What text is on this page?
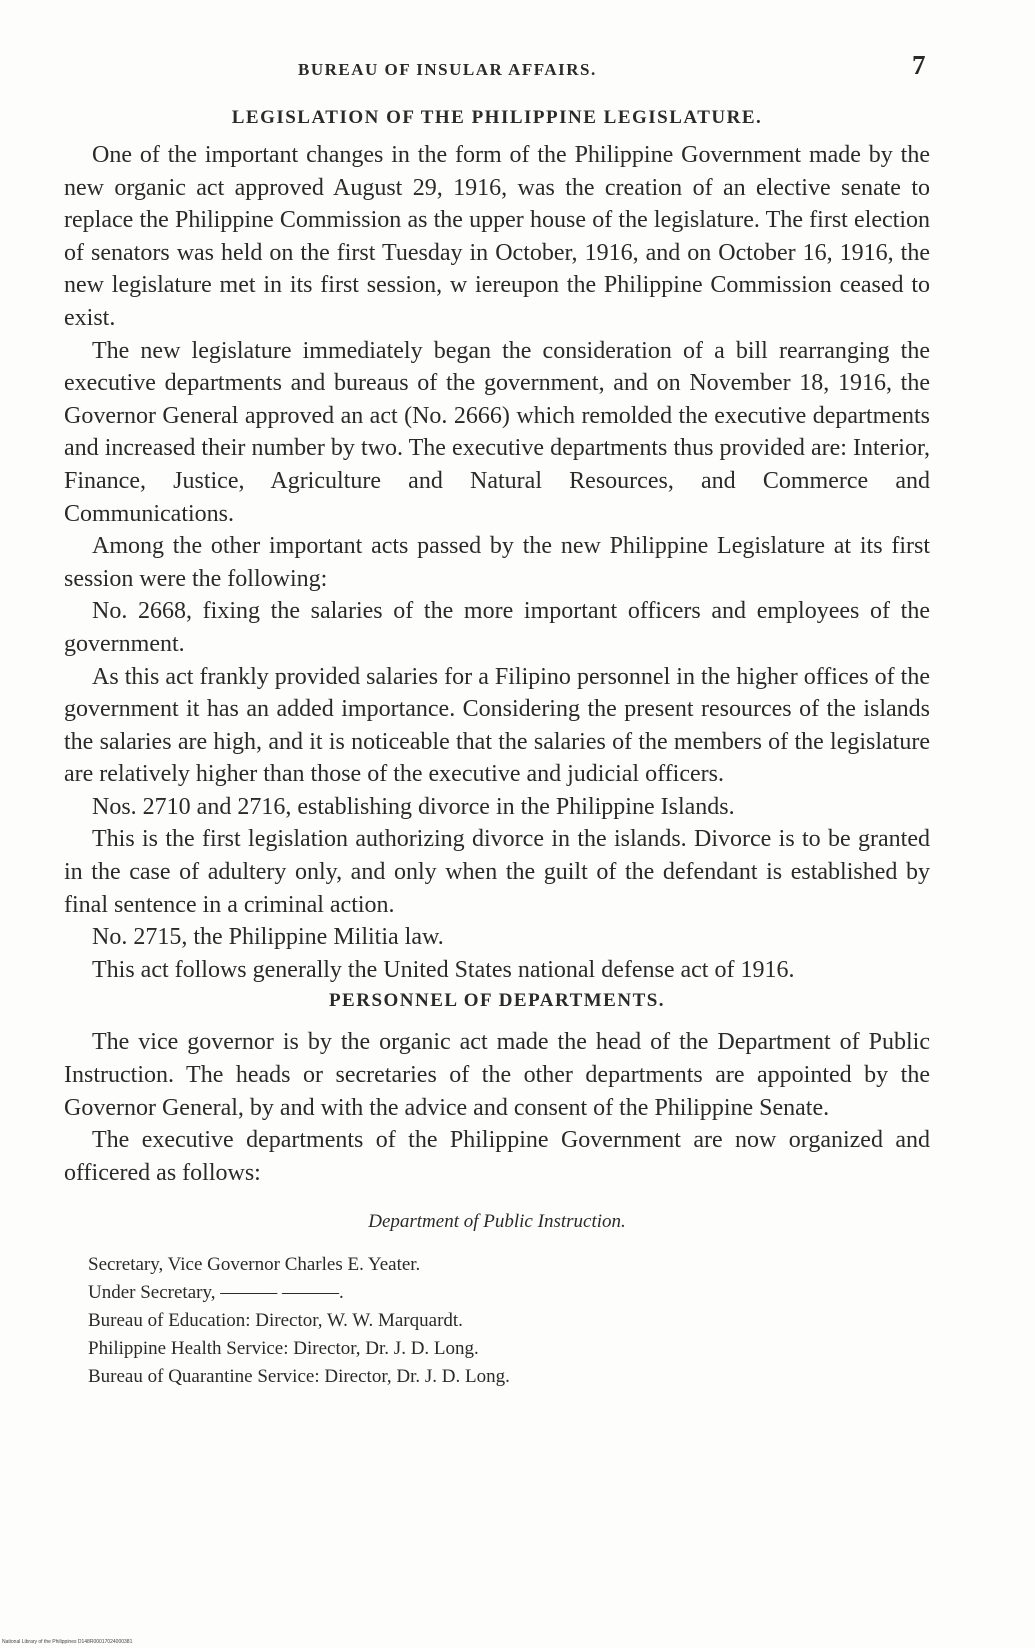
BUREAU OF INSULAR AFFAIRS.	7
LEGISLATION OF THE PHILIPPINE LEGISLATURE.

One of the important changes in the form of the Philippine Government made by the new organic act approved August 29, 1916, was the creation of an elective senate to replace the Philippine Commission as the upper house of the legislature. The first election of senators was held on the first Tuesday in October, 1916, and on October 16, 1916, the new legislature met in its first session, w iereupon the Philippine Commission ceased to exist.

The new legislature immediately began the consideration of a bill rearranging the executive departments and bureaus of the government, and on November 18, 1916, the Governor General approved an act (No. 2666) which remolded the executive departments and increased their number by two. The executive departments thus provided are: Interior, Finance, Justice, Agriculture and Natural Resources, and Commerce and Communications.

Among the other important acts passed by the new Philippine Legislature at its first session were the following:

No. 2668, fixing the salaries of the more important officers and employees of the government.

As this act frankly provided salaries for a Filipino personnel in the higher offices of the government it has an added importance. Considering the present resources of the islands the salaries are high, and it is noticeable that the salaries of the members of the legislature are relatively higher than those of the executive and judicial officers.

Nos. 2710 and 2716, establishing divorce in the Philippine Islands.

This is the first legislation authorizing divorce in the islands. Divorce is to be granted in the case of adultery only, and only when the guilt of the defendant is established by final sentence in a criminal action.

No. 2715, the Philippine Militia law.

This act follows generally the United States national defense act of 1916.

PERSONNEL OF DEPARTMENTS.

The vice governor is by the organic act made the head of the Department of Public Instruction. The heads or secretaries of the other departments are appointed by the Governor General, by and with the advice and consent of the Philippine Senate.

The executive departments of the Philippine Government are now organized and officered as follows:

Department of Public Instruction.
Secretary, Vice Governor Charles E. Yeater.
Under Secretary, ——— ———.
Bureau of Education: Director, W. W. Marquardt.
Philippine Health Service: Director, Dr. J. D. Long.
Bureau of Quarantine Service: Director, Dr. J. D. Long.
National Library of the Philippines D148R00017024000381
